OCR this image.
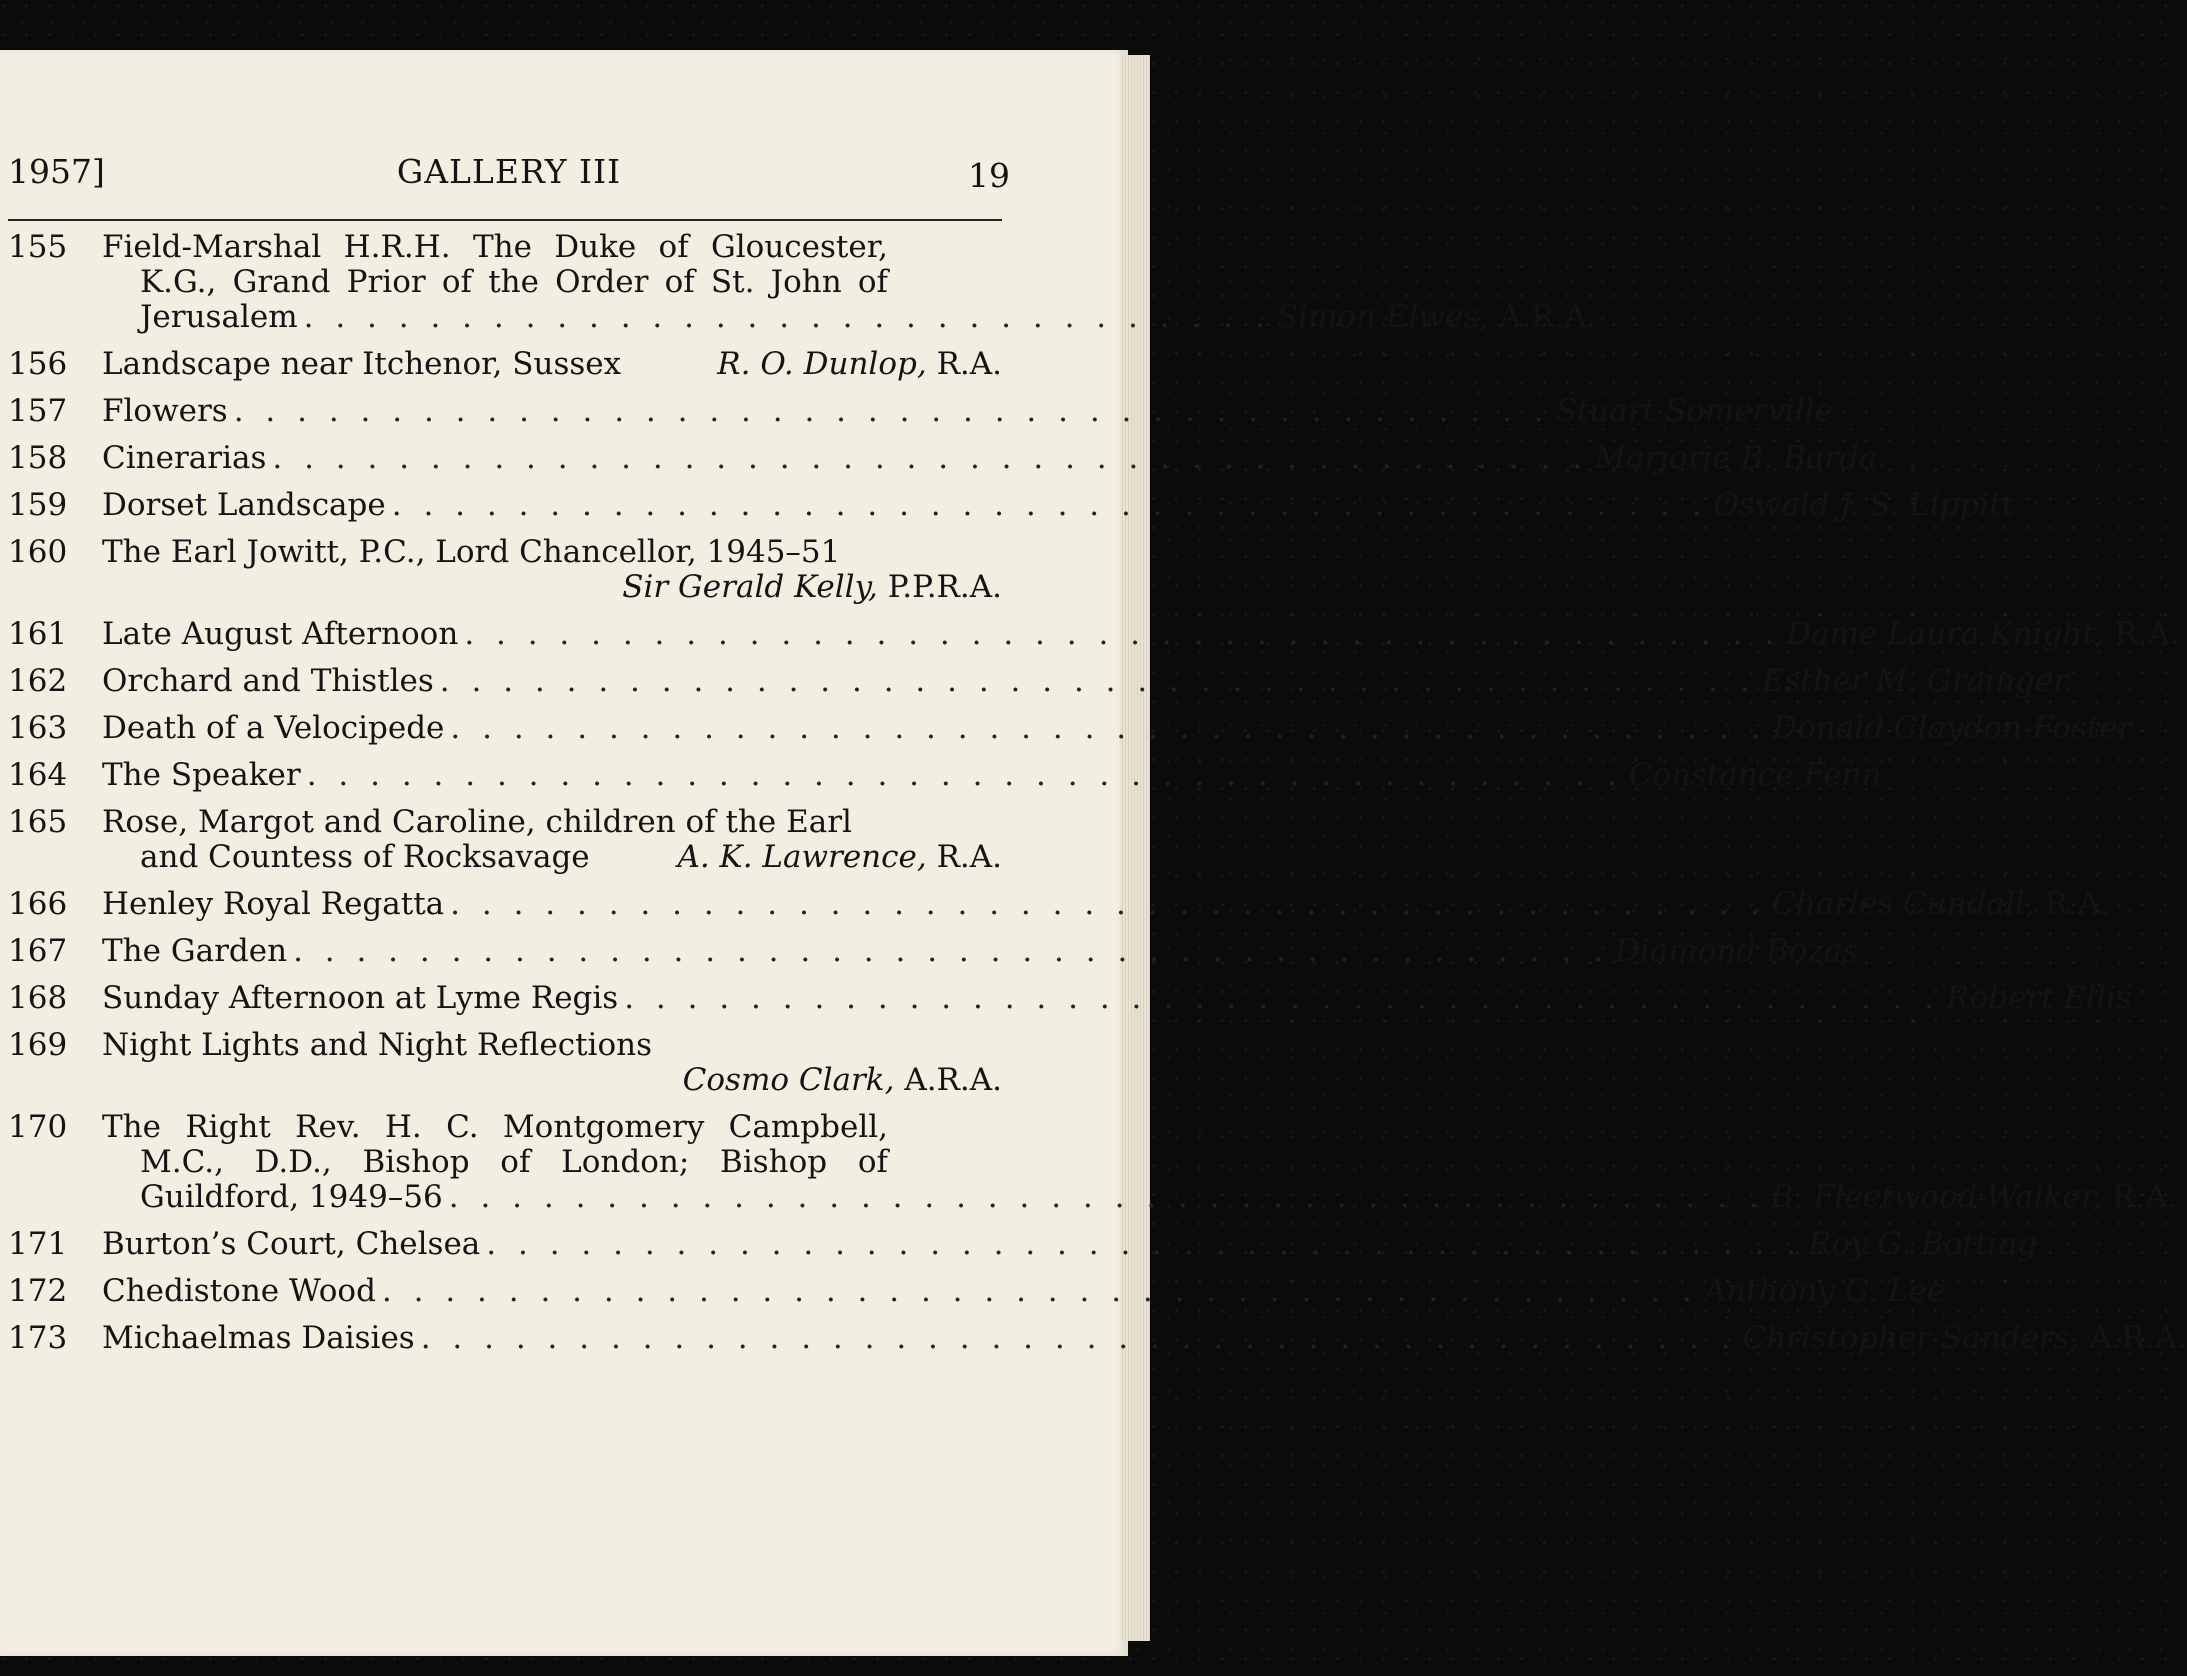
1957]	GALLERY III	19
155	Field-Marshal H.R.H. The Duke of Gloucester,
K.G., Grand Prior of the Order of St. John of
Jerusalem . . . . . . . . . . . . . . . . . . . . . . . . . . . . . . . Simon Elwes, A.R.A.
156	Landscape near Itchenor, Sussex	R. O. Dunlop, R.A.
157	Flowers . . . . . . . . . . . . . . . . . . . . . . . . . . . . . . . . . . . . . . . . . . Stuart Somerville
158	Cinerarias . . . . . . . . . . . . . . . . . . . . . . . . . . . . . . . . . . . . . . . . . . Marjorie B. Barda
159	Dorset Landscape . . . . . . . . . . . . . . . . . . . . . . . . . . . . . . . . . . . . . . . . . . Oswald J. S. Lippitt
160	The Earl Jowitt, P.C., Lord Chancellor, 1945–51
Sir Gerald Kelly, P.P.R.A.
161	Late August Afternoon . . . . . . . . . . . . . . . . . . . . . . . . . . . . . . . . . . . . . . . . . . Dame Laura Knight, R.A.
162	Orchard and Thistles . . . . . . . . . . . . . . . . . . . . . . . . . . . . . . . . . . . . . . . . . . Esther M. Grainger
163	Death of a Velocipede . . . . . . . . . . . . . . . . . . . . . . . . . . . . . . . . . . . . . . . . . . Donald Claydon-Foster
164	The Speaker . . . . . . . . . . . . . . . . . . . . . . . . . . . . . . . . . . . . . . . . . . Constance Fenn
165	Rose, Margot and Caroline, children of the Earl
and Countess of Rocksavage	A. K. Lawrence, R.A.
166	Henley Royal Regatta . . . . . . . . . . . . . . . . . . . . . . . . . . . . . . . . . . . . . . . . . . Charles Cundall, R.A.
167	The Garden . . . . . . . . . . . . . . . . . . . . . . . . . . . . . . . . . . . . . . . . . . Diamond Bozas
168	Sunday Afternoon at Lyme Regis . . . . . . . . . . . . . . . . . . . . . . . . . . . . . . . . . . . . . . . . . . Robert Ellis
169	Night Lights and Night Reflections
Cosmo Clark, A.R.A.
170	The Right Rev. H. C. Montgomery Campbell,
M.C., D.D., Bishop of London; Bishop of
Guildford, 1949–56 . . . . . . . . . . . . . . . . . . . . . . . . . . . . . . . . . . . . . . . . . . B. Fleetwood-Walker, R.A.
171	Burton’s Court, Chelsea . . . . . . . . . . . . . . . . . . . . . . . . . . . . . . . . . . . . . . . . . . Roy G. Botting
172	Chedistone Wood . . . . . . . . . . . . . . . . . . . . . . . . . . . . . . . . . . . . . . . . . . Anthony G. Lee
173	Michaelmas Daisies . . . . . . . . . . . . . . . . . . . . . . . . . . . . . . . . . . . . . . . . . . Christopher Sanders, A.R.A.
